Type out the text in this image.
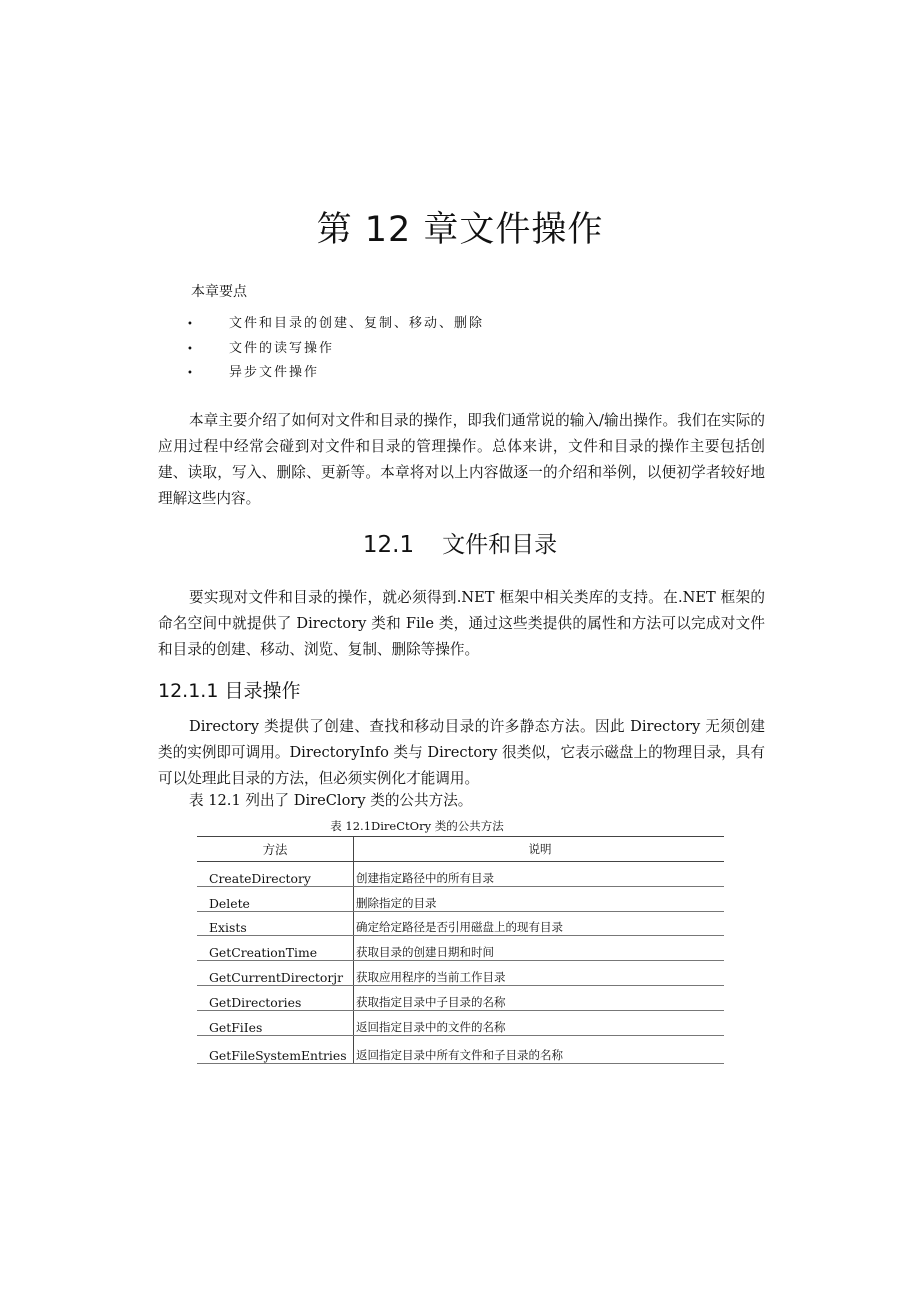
第 12 章文件操作
本章要点
•	文件和目录的创建、复制、移动、删除
•	文件的读写操作
•	异步文件操作

本章主要介绍了如何对文件和目录的操作，即我们通常说的输入/输出操作。我们在实际的应用过程中经常会碰到对文件和目录的管理操作。总体来讲，文件和目录的操作主要包括创建、读取，写入、删除、更新等。本章将对以上内容做逐一的介绍和举例，以便初学者较好地理解这些内容。

12.1 文件和目录

要实现对文件和目录的操作，就必须得到.NET 框架中相关类库的支持。在.NET 框架的命名空间中就提供了 Directory 类和 File 类，通过这些类提供的属性和方法可以完成对文件和目录的创建、移动、浏览、复制、删除等操作。

12.1.1 目录操作

Directory 类提供了创建、查找和移动目录的许多静态方法。因此 Directory 无须创建类的实例即可调用。DirectoryInfo 类与 Directory 很类似，它表示磁盘上的物理目录，具有可以处理此目录的方法，但必须实例化才能调用。

表 12.1 列出了 DireClory 类的公共方法。

表 12.1DireCtOry 类的公共方法
方法	说明
CreateDirectory	创建指定路径中的所有目录
Delete	删除指定的目录
Exists	确定给定路径是否引用磁盘上的现有目录
GetCreationTime	获取目录的创建日期和时间
GetCurrentDirectorjr	获取应用程序的当前工作目录
GetDirectories	获取指定目录中子目录的名称
GetFiIes	返回指定目录中的文件的名称
GetFileSystemEntries	返回指定目录中所有文件和子目录的名称
